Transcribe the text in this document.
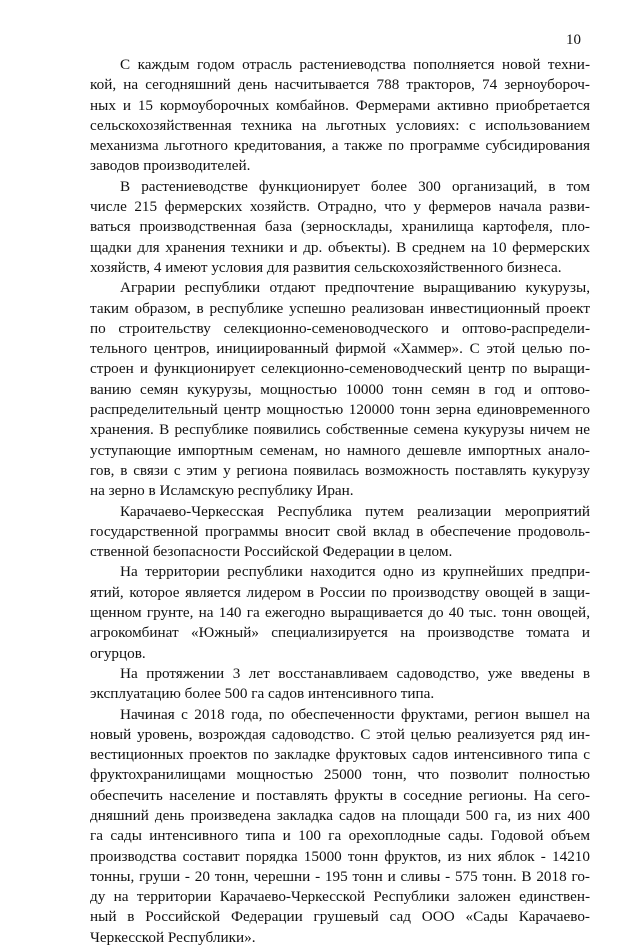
10

С каждым годом отрасль растениеводства пополняется новой техни-
кой, на сегодняшний день насчитывается 788 тракторов, 74 зерноубороч-
ных и 15 кормоуборочных комбайнов. Фермерами активно приобретается
сельскохозяйственная техника на льготных условиях: с использованием
механизма льготного кредитования, а также по программе субсидирования
заводов производителей.

В растениеводстве функционирует более 300 организаций, в том
числе 215 фермерских хозяйств. Отрадно, что у фермеров начала разви-
ваться производственная база (зерносклады, хранилища картофеля, пло-
щадки для хранения техники и др. объекты). В среднем на 10 фермерских
хозяйств, 4 имеют условия для развития сельскохозяйственного бизнеса.

Аграрии республики отдают предпочтение выращиванию кукурузы,
таким образом, в республике успешно реализован инвестиционный проект
по строительству селекционно-семеноводческого и оптово-распредели-
тельного центров, инициированный фирмой «Хаммер». С этой целью по-
строен и функционирует селекционно-семеноводческий центр по выращи-
ванию семян кукурузы, мощностью 10000 тонн семян в год и оптово-
распределительный центр мощностью 120000 тонн зерна единовременного
хранения. В республике появились собственные семена кукурузы ничем не
уступающие импортным семенам, но намного дешевле импортных анало-
гов, в связи с этим у региона появилась возможность поставлять кукурузу
на зерно в Исламскую республику Иран.

Карачаево-Черкесская Республика путем реализации мероприятий
государственной программы вносит свой вклад в обеспечение продоволь-
ственной безопасности Российской Федерации в целом.

На территории республики находится одно из крупнейших предпри-
ятий, которое является лидером в России по производству овощей в защи-
щенном грунте, на 140 га ежегодно выращивается до 40 тыс. тонн овощей,
агрокомбинат «Южный» специализируется на производстве томата и
огурцов.

На протяжении 3 лет восстанавливаем садоводство, уже введены в
эксплуатацию более 500 га садов интенсивного типа.

Начиная с 2018 года, по обеспеченности фруктами, регион вышел на
новый уровень, возрождая садоводство. С этой целью реализуется ряд ин-
вестиционных проектов по закладке фруктовых садов интенсивного типа с
фруктохранилищами мощностью 25000 тонн, что позволит полностью
обеспечить население и поставлять фрукты в соседние регионы. На сего-
дняшний день произведена закладка садов на площади 500 га, из них 400
га сады интенсивного типа и 100 га орехоплодные сады. Годовой объем
производства составит порядка 15000 тонн фруктов, из них яблок - 14210
тонны, груши - 20 тонн, черешни - 195 тонн и сливы - 575 тонн. В 2018 го-
ду на территории Карачаево-Черкесской Республики заложен единствен-
ный в Российской Федерации грушевый сад ООО «Сады Карачаево-
Черкесской Республики».
